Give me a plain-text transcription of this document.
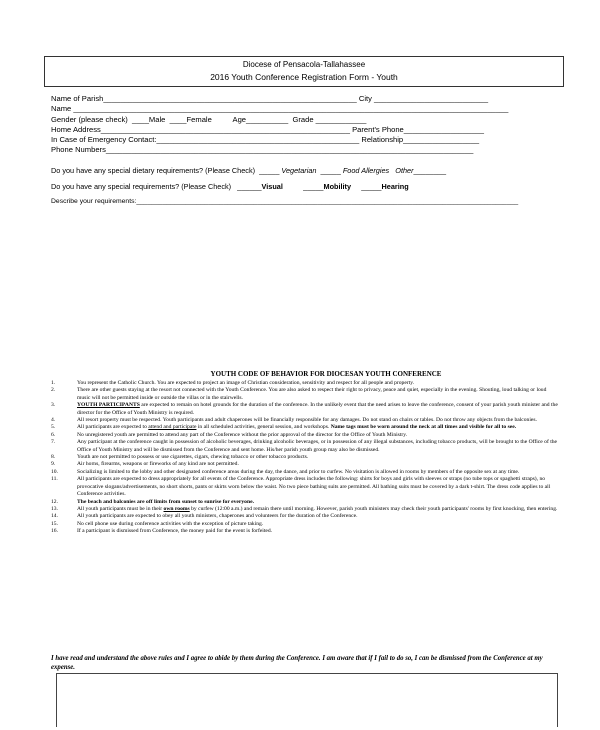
Diocese of Pensacola-Tallahassee
2016 Youth Conference Registration Form - Youth
Name of Parish____________________________________________________________ City ___________________________
Name _______________________________________________________________________________________________________
Gender (please check)  ____Male  ____Female          Age__________  Grade ____________
Home Address___________________________________________________________ Parent's Phone___________________
In Case of Emergency Contact:________________________________________________ Relationship__________________
Phone Numbers_______________________________________________________________________________________
Do you have any special dietary requirements? (Please Check)  _____ Vegetarian  _____ Food Allergies Other________
Do you have any special requirements? (Please Check)   ______Visual          _____Mobility     _____Hearing
Describe your requirements:_____________________________________________________________________________________________________
YOUTH CODE OF BEHAVIOR FOR DIOCESAN YOUTH CONFERENCE
1.	You represent the Catholic Church. You are expected to project an image of Christian consideration, sensitivity and respect for all people and property.
2.	There are other guests staying at the resort not connected with the Youth Conference. You are also asked to respect their right to privacy, peace and quiet, especially in the evening. Shouting, loud talking or loud music will not be permitted inside or outside the villas or in the stairwells.
3.	YOUTH PARTICIPANTS are expected to remain on hotel grounds for the duration of the conference. In the unlikely event that the need arises to leave the conference, consent of your parish youth minister and the director for the Office of Youth Ministry is required.
4.	All resort property must be respected. Youth participants and adult chaperones will be financially responsible for any damages. Do not stand on chairs or tables. Do not throw any objects from the balconies.
5.	All participants are expected to attend and participate in all scheduled activities, general session, and workshops. Name tags must be worn around the neck at all times and visible for all to see.
6.	No unregistered youth are permitted to attend any part of the Conference without the prior approval of the director for the Office of Youth Ministry.
7.	Any participant at the conference caught in possession of alcoholic beverages, drinking alcoholic beverages, or in possession of any illegal substances, including tobacco products, will be brought to the Office of the Office of Youth Ministry and will be dismissed from the Conference and sent home. His/her parish youth group may also be dismissed.
8.	Youth are not permitted to possess or use cigarettes, cigars, chewing tobacco or other tobacco products.
9.	Air horns, firearms, weapons or fireworks of any kind are not permitted.
10.	Socializing is limited to the lobby and other designated conference areas during the day, the dance, and prior to curfew. No visitation is allowed in rooms by members of the opposite sex at any time.
11.	All participants are expected to dress appropriately for all events of the Conference. Appropriate dress includes the following: shirts for boys and girls with sleeves or straps (no tube tops or spaghetti straps), no provocative slogans/advertisements, no short shorts, pants or skirts worn below the waist. No two piece bathing suits are permitted. All bathing suits must be covered by a dark t-shirt. The dress code applies to all Conference activities.
12.	The beach and balconies are off limits from sunset to sunrise for everyone.
13.	All youth participants must be in their own rooms by curfew (12:00 a.m.) and remain there until morning. However, parish youth ministers may check their youth participants' rooms by first knocking, then entering.
14.	All youth participants are expected to obey all youth ministers, chaperones and volunteers for the duration of the Conference.
15.	No cell phone use during conference activities with the exception of picture taking.
16.	If a participant is dismissed from Conference, the money paid for the event is forfeited.
I have read and understand the above rules and I agree to abide by them during the Conference. I am aware that if I fail to do so, I can be dismissed from the Conference at my expense.
